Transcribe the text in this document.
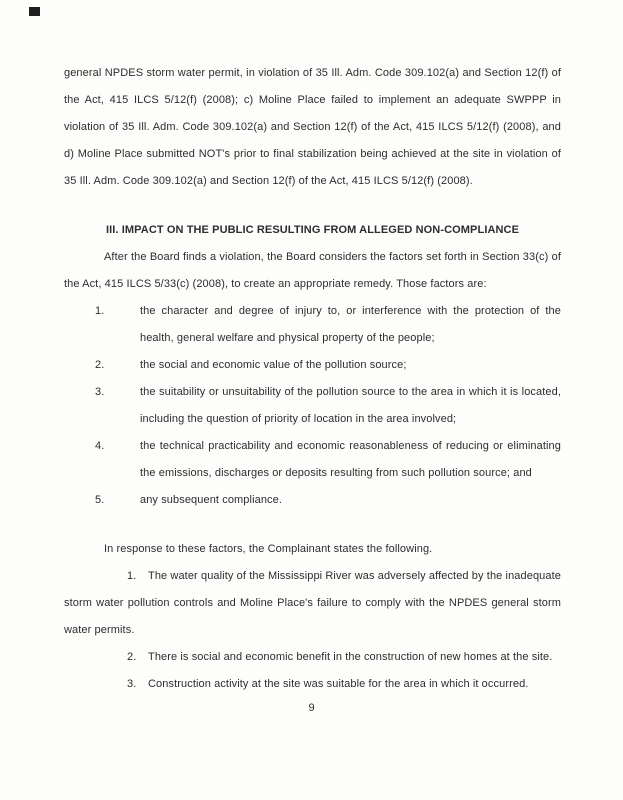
general NPDES storm water permit, in violation of 35 Ill. Adm. Code 309.102(a) and Section 12(f) of the Act, 415 ILCS 5/12(f) (2008); c) Moline Place failed to implement an adequate SWPPP in violation of 35 Ill. Adm. Code 309.102(a) and Section 12(f) of the Act, 415 ILCS 5/12(f) (2008), and d) Moline Place submitted NOT's prior to final stabilization being achieved at the site in violation of 35 Ill. Adm. Code 309.102(a) and Section 12(f) of the Act, 415 ILCS 5/12(f) (2008).

III. IMPACT ON THE PUBLIC RESULTING FROM ALLEGED NON-COMPLIANCE

After the Board finds a violation, the Board considers the factors set forth in Section 33(c) of the Act, 415 ILCS 5/33(c) (2008), to create an appropriate remedy. Those factors are:

1.	the character and degree of injury to, or interference with the protection of the health, general welfare and physical property of the people;
2.	the social and economic value of the pollution source;
3.	the suitability or unsuitability of the pollution source to the area in which it is located, including the question of priority of location in the area involved;
4.	the technical practicability and economic reasonableness of reducing or eliminating the emissions, discharges or deposits resulting from such pollution source; and
5.	any subsequent compliance.

In response to these factors, the Complainant states the following.

1. The water quality of the Mississippi River was adversely affected by the inadequate storm water pollution controls and Moline Place's failure to comply with the NPDES general storm water permits.

2. There is social and economic benefit in the construction of new homes at the site.

3. Construction activity at the site was suitable for the area in which it occurred.

9
